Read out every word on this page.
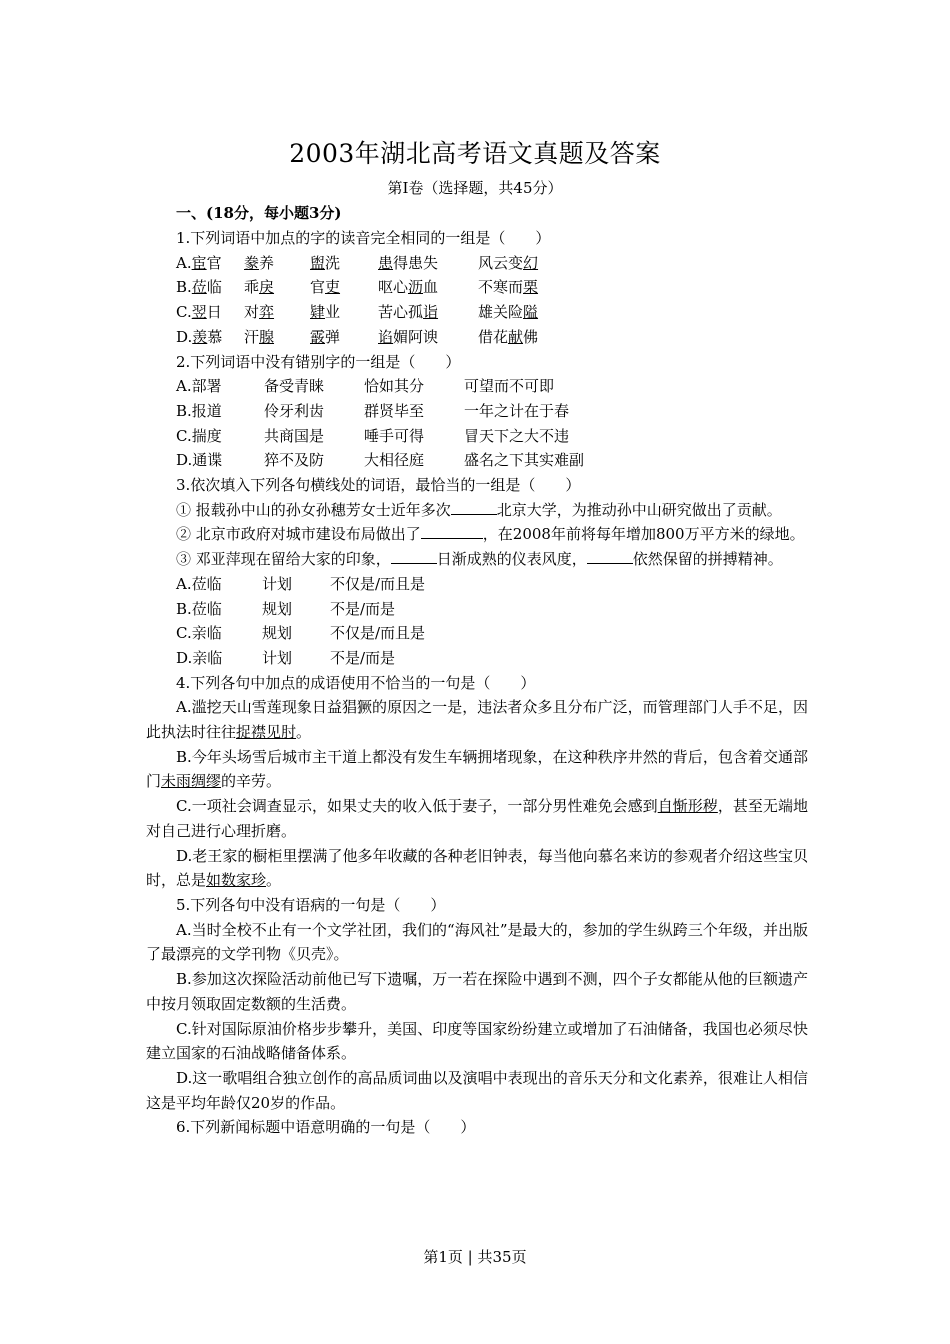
2003年湖北高考语文真题及答案
第I卷（选择题，共45分）
一、(18分，每小题3分)

1.下列词语中加点的字的读音完全相同的一组是（　　）

A.宦官 豢养 盥洗	患得患失	风云变幻

B.莅临 乖戾 官吏	呕心沥血	不寒而栗

C.翌日 对弈 肄业	苦心孤诣	雄关险隘

D.羡慕 汗腺 霰弹	谄媚阿谀	借花献佛

2.下列词语中没有错别字的一组是（　　）

A.部署	备受青睐	恰如其分	可望而不可即

B.报道	伶牙利齿	群贤毕至	一年之计在于春

C.揣度	共商国是	唾手可得	冒天下之大不违

D.通谍	猝不及防	大相径庭	盛名之下其实难副

3.依次填入下列各句横线处的词语，最恰当的一组是（　　）

① 报载孙中山的孙女孙穗芳女士近年多次	北京大学，为推动孙中山研究做出了贡献。

② 北京市政府对城市建设布局做出了	，在2008年前将每年增加800万平方米的绿地。

③ 邓亚萍现在留给大家的印象，	日渐成熟的仪表风度，	依然保留的拼搏精神。

A.莅临	计划	不仅是/而且是

B.莅临	规划	不是/而是

C.亲临	规划	不仅是/而且是

D.亲临	计划	不是/而是

4.下列各句中加点的成语使用不恰当的一句是（　　）

A.滥挖天山雪莲现象日益猖獗的原因之一是，违法者众多且分布广泛，而管理部门人手不足，因此执法时往往捉襟见肘。

B.今年头场雪后城市主干道上都没有发生车辆拥堵现象，在这种秩序井然的背后，包含着交通部门未雨绸缪的辛劳。

C.一项社会调查显示，如果丈夫的收入低于妻子，一部分男性难免会感到自惭形秽，甚至无端地对自己进行心理折磨。

D.老王家的橱柜里摆满了他多年收藏的各种老旧钟表，每当他向慕名来访的参观者介绍这些宝贝时，总是如数家珍。

5.下列各句中没有语病的一句是（　　）

A.当时全校不止有一个文学社团，我们的“海风社”是最大的，参加的学生纵跨三个年级，并出版了最漂亮的文学刊物《贝壳》。

B.参加这次探险活动前他已写下遗嘱，万一若在探险中遇到不测，四个子女都能从他的巨额遗产中按月领取固定数额的生活费。

C.针对国际原油价格步步攀升，美国、印度等国家纷纷建立或增加了石油储备，我国也必须尽快建立国家的石油战略储备体系。

D.这一歌唱组合独立创作的高品质词曲以及演唱中表现出的音乐天分和文化素养，很难让人相信这是平均年龄仅20岁的作品。

6.下列新闻标题中语意明确的一句是（　　）

第1页 | 共35页
